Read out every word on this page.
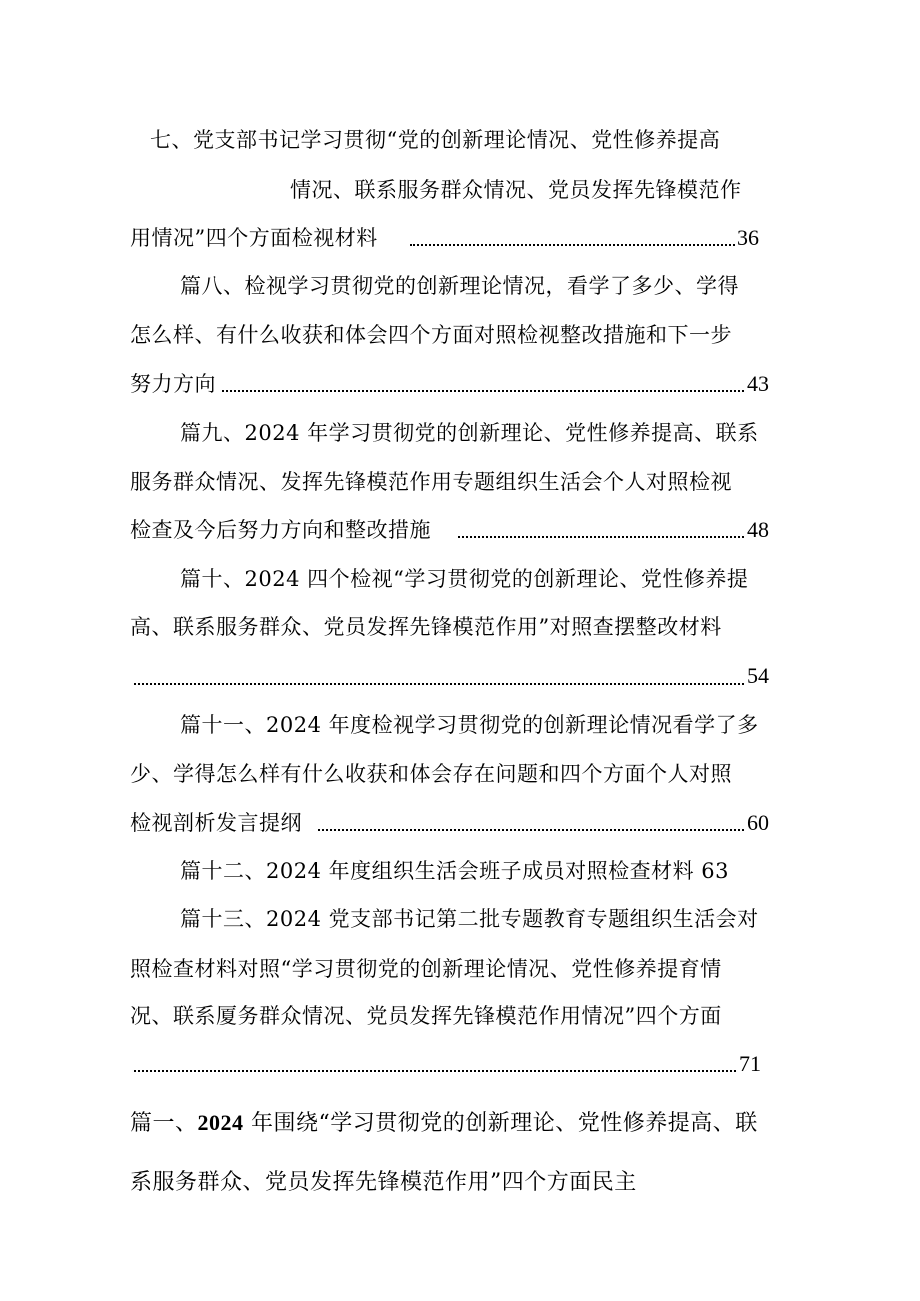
七、党支部书记学习贯彻“党的创新理论情况、党性修养提高
情况、联系服务群众情况、党员发挥先锋模范作
用情况”四个方面检视材料	36
篇八、检视学习贯彻党的创新理论情况，看学了多少、学得
怎么样、有什么收获和体会四个方面对照检视整改措施和下一步
努力方向	43
篇九、2024 年学习贯彻党的创新理论、党性修养提高、联系
服务群众情况、发挥先锋模范作用专题组织生活会个人对照检视
检查及今后努力方向和整改措施	48
篇十、2024 四个检视“学习贯彻党的创新理论、党性修养提
高、联系服务群众、党员发挥先锋模范作用”对照查摆整改材料
54
篇十一、2024 年度检视学习贯彻党的创新理论情况看学了多
少、学得怎么样有什么收获和体会存在问题和四个方面个人对照
检视剖析发言提纲	60
篇十二、2024 年度组织生活会班子成员对照检查材料 63
篇十三、2024 党支部书记第二批专题教育专题组织生活会对
照检查材料对照“学习贯彻党的创新理论情况、党性修养提育情
况、联系厦务群众情况、党员发挥先锋模范作用情况”四个方面
71
篇一、2024 年围绕“学习贯彻党的创新理论、党性修养提高、联
系服务群众、党员发挥先锋模范作用”四个方面民主
